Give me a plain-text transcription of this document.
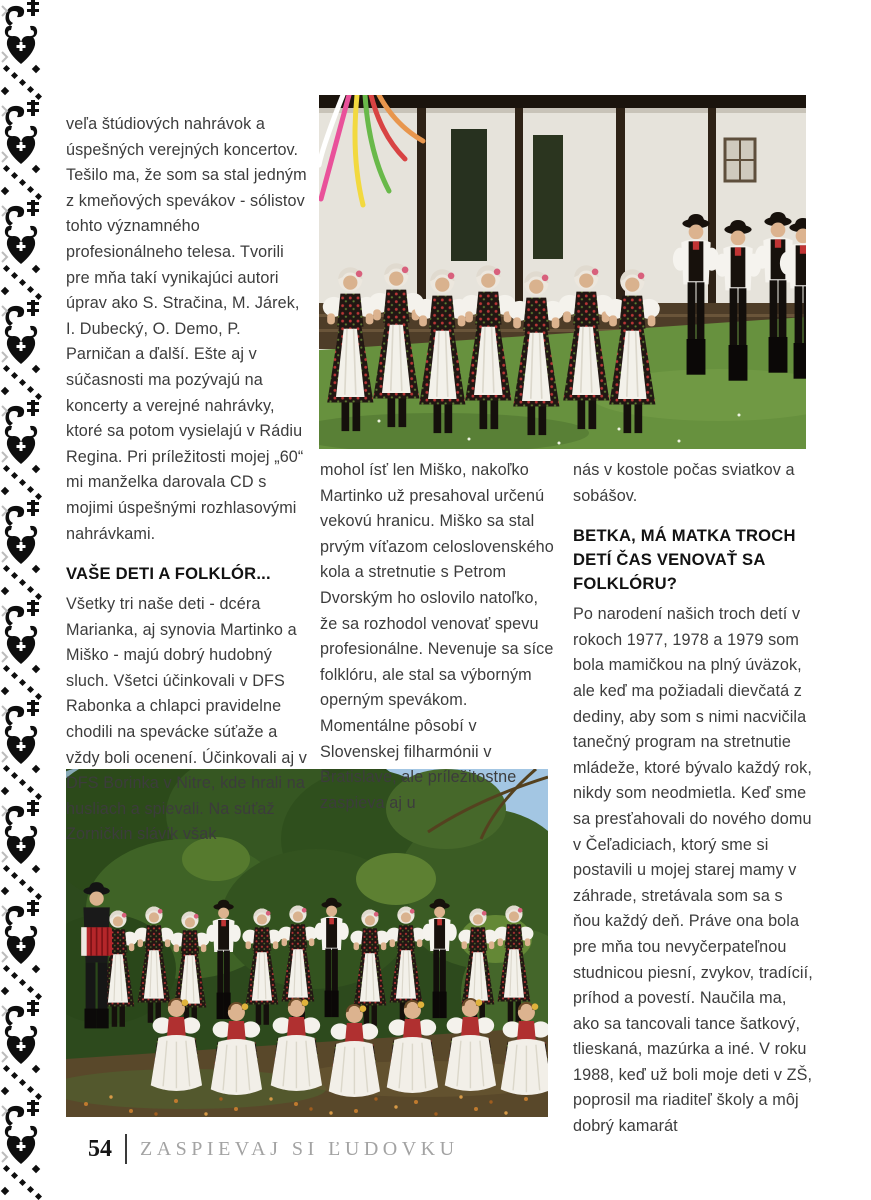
veľa štúdiových nahrávok a úspešných verejných koncertov. Tešilo ma, že som sa stal jedným z kmeňových spevákov - sólistov tohto významného profesionálneho telesa. Tvorili pre mňa takí vynikajúci autori úprav ako S. Stračina, M. Járek, I. Dubecký, O. Demo, P. Parničan a ďalší. Ešte aj v súčasnosti ma pozývajú na koncerty a verejné nahrávky, ktoré sa potom vysielajú v Rádiu Regina. Pri príležitosti mojej „60“ mi manželka darovala CD s mojimi úspešnými rozhlasovými nahrávkami.

VAŠE DETI A FOLKLÓR...

Všetky tri naše deti - dcéra Marianka, aj synovia Martinko a Miško - majú dobrý hudobný sluch. Všetci účinkovali v DFS Rabonka a chlapci pravidelne chodili na spevácke súťaže a vždy boli ocenení. Účinkovali aj v DFS Borinka v Nitre, kde hrali na husliach a spievali. Na súťaž Zorničkin slávik však

mohol ísť len Miško, nakoľko Martinko už presahoval určenú vekovú hranicu. Miško sa stal prvým víťazom celoslovenského kola a stretnutie s Petrom Dvorským ho oslovilo natoľko, že sa rozhodol venovať spevu profesionálne. Nevenuje sa síce folklóru, ale stal sa výborným operným spevákom. Momentálne pôsobí v Slovenskej filharmónii v Bratislave, ale príležitostne zaspieva aj u

nás v kostole počas sviatkov a sobášov.

BETKA, MÁ MATKA TROCH DETÍ ČAS VENOVAŤ SA FOLKLÓRU?

Po narodení našich troch detí v rokoch 1977, 1978 a 1979 som bola mamičkou na plný úväzok, ale keď ma požiadali dievčatá z dediny, aby som s nimi nacvičila tanečný program na stretnutie mládeže, ktoré bývalo každý rok, nikdy som neodmietla. Keď sme sa presťahovali do nového domu v Čeľadiciach, ktorý sme si postavili u mojej starej mamy v záhrade, stretávala som sa s ňou každý deň. Práve ona bola pre mňa tou nevyčerpateľnou studnicou piesní, zvykov, tradícií, príhod a povestí. Naučila ma, ako sa tancovali tance šatkový, tlieskaná, mazúrka a iné. V roku 1988, keď už boli moje deti v ZŠ, poprosil ma riaditeľ školy a môj dobrý kamarát

54 ZASPIEVAJ SI ĽUDOVKU
